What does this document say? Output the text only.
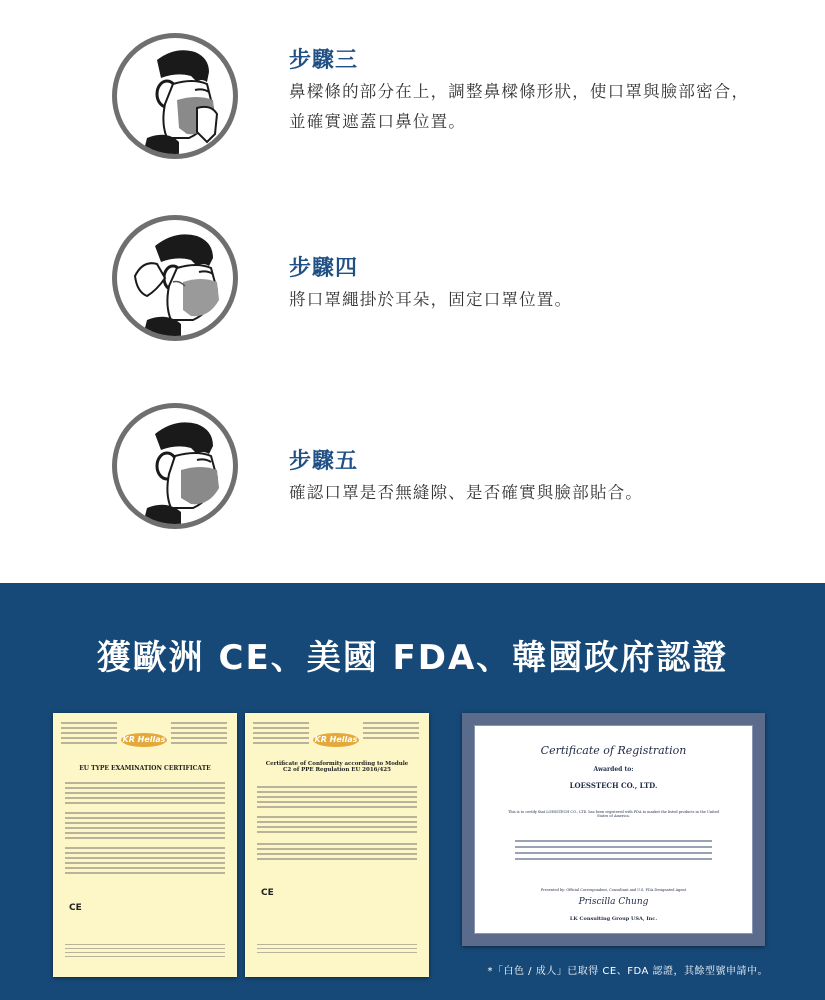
步驟三
鼻樑條的部分在上，調整鼻樑條形狀，使口罩與臉部密合，
並確實遮蓋口鼻位置。
步驟四
將口罩繩掛於耳朵，固定口罩位置。
步驟五
確認口罩是否無縫隙、是否確實與臉部貼合。
獲歐洲 CE、美國 FDA、韓國政府認證
KR Hellas
EU TYPE EXAMINATION CERTIFICATE
CE
KR Hellas
Certificate of Conformity according to Module C2 of PPE Regulation EU 2016/425
CE
Certificate of Registration
Awarded to:
LOESSTECH CO., LTD.
This is to certify that LOESSTECH CO., LTD. has been registered with FDA to market the listed products in the United States of America.
Presented by: Official Correspondent, Consultant and U.S. FDA Designated Agent
Priscilla Chung
LK Consulting Group USA, Inc.
*「白色 / 成人」已取得 CE、FDA 認證，其餘型號申請中。
